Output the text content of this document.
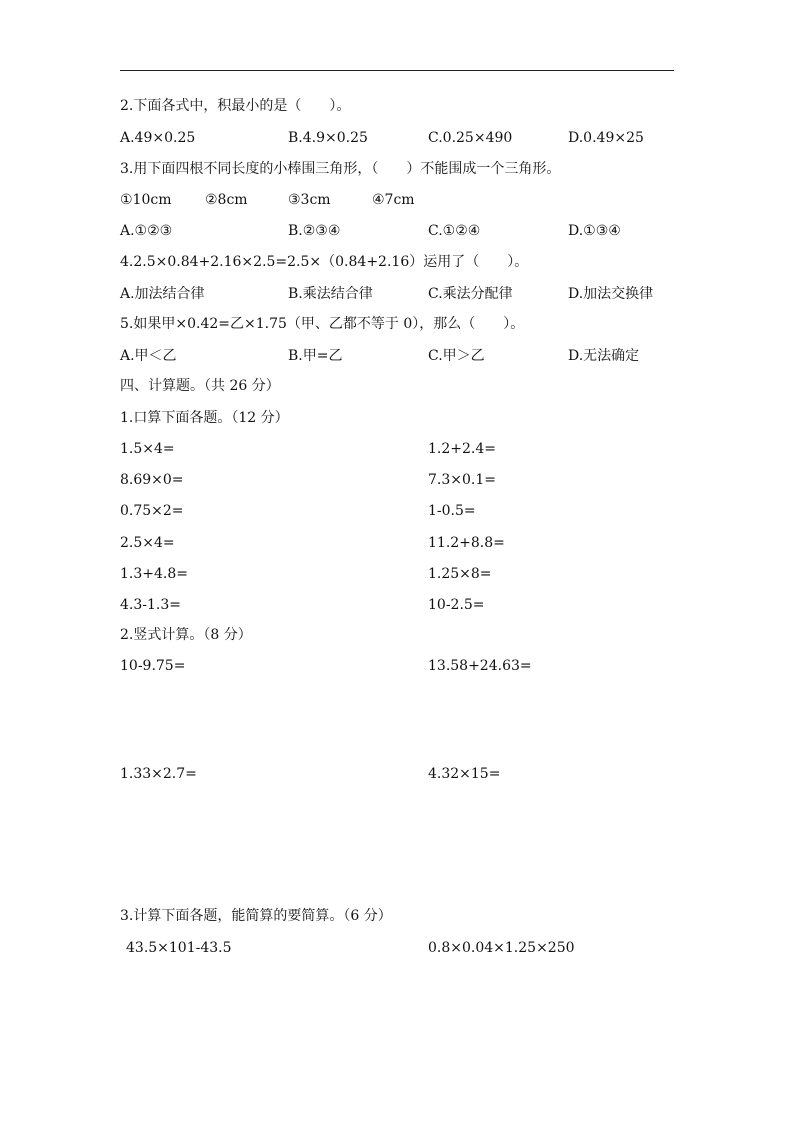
2.下面各式中，积最小的是（　　）。
A.49×0.25	B.4.9×0.25	C.0.25×490	D.0.49×25
3.用下面四根不同长度的小棒围三角形，（　　）不能围成一个三角形。
①10cm ②8cm	③3cm	④7cm
A.①②③	B.②③④	C.①②④	D.①③④
4.2.5×0.84+2.16×2.5=2.5×（0.84+2.16）运用了（　　）。
A.加法结合律	B.乘法结合律	C.乘法分配律	D.加法交换律
5.如果甲×0.42=乙×1.75（甲、乙都不等于 0），那么（　　）。
A.甲＜乙	B.甲=乙	C.甲＞乙	D.无法确定
四、计算题。（共 26 分）
1.口算下面各题。（12 分）
1.5×4=	1.2+2.4=
8.69×0=	7.3×0.1=
0.75×2=	1-0.5=
2.5×4=	11.2+8.8=
1.3+4.8=	1.25×8=
4.3-1.3=	10-2.5=
2.竖式计算。（8 分）
10-9.75=	13.58+24.63=
1.33×2.7=	4.32×15=
3.计算下面各题，能简算的要简算。（6 分）
43.5×101-43.5	0.8×0.04×1.25×250
